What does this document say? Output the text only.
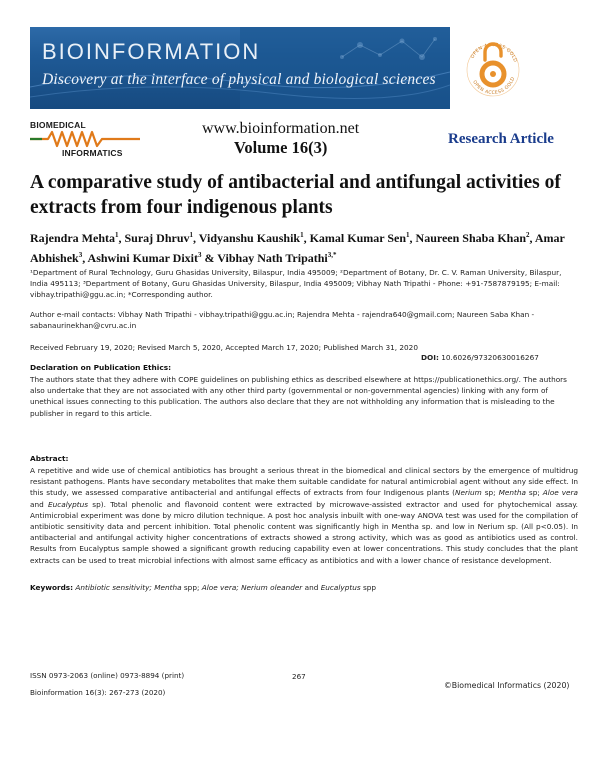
BIOINFORMATION
Discovery at the interface of physical and biological sciences
OPEN ACCESS GOLD
OPEN ACCESS GOLD
BIOMEDICAL
INFORMATICS
www.bioinformation.net
Volume 16(3)	Research Article
A comparative study of antibacterial and antifungal activities of extracts from four indigenous plants
Rajendra Mehta$^1$, Suraj Dhruv$^1$, Vidyanshu Kaushik$^1$, Kamal Kumar Sen$^1$, Naureen Shaba Khan$^2$, Amar Abhishek$^3$, Ashwini Kumar Dixit$^3$ & Vibhay Nath Tripathi$^{3,*}$
¹Department of Rural Technology, Guru Ghasidas University, Bilaspur, India 495009; ²Department of Botany, Dr. C. V. Raman University, Bilaspur, India 495113; ³Department of Botany, Guru Ghasidas University, Bilaspur, India 495009; Vibhay Nath Tripathi - Phone: +91-7587879195; E-mail: vibhay.tripathi@ggu.ac.in; *Corresponding author.
Author e-mail contacts: Vibhay Nath Tripathi - vibhay.tripathi@ggu.ac.in; Rajendra Mehta - rajendra640@gmail.com; Naureen Saba Khan - sabanaurinekhan@cvru.ac.in
Received February 19, 2020; Revised March 5, 2020, Accepted March 17, 2020; Published March 31, 2020
DOI: 10.6026/97320630016267
Declaration on Publication Ethics:
The authors state that they adhere with COPE guidelines on publishing ethics as described elsewhere at https://publicationethics.org/. The authors also undertake that they are not associated with any other third party (governmental or non-governmental agencies) linking with any form of unethical issues connecting to this publication. The authors also declare that they are not withholding any information that is misleading to the publisher in regard to this article.
Abstract:
A repetitive and wide use of chemical antibiotics has brought a serious threat in the biomedical and clinical sectors by the emergence of multidrug resistant pathogens. Plants have secondary metabolites that make them suitable candidate for natural antimicrobial agent without any side effect. In this study, we assessed comparative antibacterial and antifungal effects of extracts from four Indigenous plants (Nerium sp; Mentha sp; Aloe vera and Eucalyptus sp). Total phenolic and flavonoid content were extracted by microwave-assisted extractor and used for phytochemical assay. Antimicrobial experiment was done by micro dilution technique. A post hoc analysis inbuilt with one-way ANOVA test was used for the compilation of antibiotic sensitivity data and percent inhibition. Total phenolic content was significantly high in Mentha sp. and low in Nerium sp. (All p<0.05). In antibacterial and antifungal activity higher concentrations of extracts showed a strong activity, which was as good as antibiotics used as control. Results from Eucalyptus sample showed a significant growth reducing capability even at lower concentrations. This study concludes that the plant extracts can be used to treat microbial infections with almost same efficacy as antibiotics and with a lower chance of resistance development.
Keywords: Antibiotic sensitivity; Mentha spp; Aloe vera; Nerium oleander and Eucalyptus spp
ISSN 0973-2063 (online) 0973-8894 (print)	267
Bioinformation 16(3): 267-273 (2020)
©Biomedical Informatics (2020)
